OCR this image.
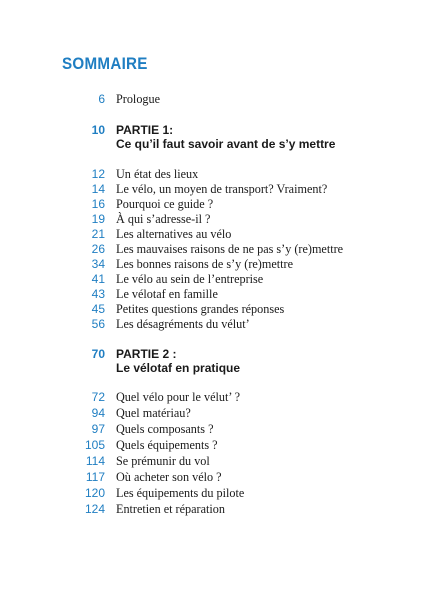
SOMMAIRE
6 Prologue
10 PARTIE 1:
Ce qu’il faut savoir avant de s’y mettre
12 Un état des lieux
14 Le vélo, un moyen de transport? Vraiment?
16 Pourquoi ce guide ?
19 À qui s’adresse-il ?
21 Les alternatives au vélo
26 Les mauvaises raisons de ne pas s’y (re)mettre
34 Les bonnes raisons de s’y (re)mettre
41 Le vélo au sein de l’entreprise
43 Le vélotaf en famille
45 Petites questions grandes réponses
56 Les désagréments du vélut’
70 PARTIE 2 :
Le vélotaf en pratique
72 Quel vélo pour le vélut’ ?
94 Quel matériau?
97 Quels composants ?
105 Quels équipements ?
114 Se prémunir du vol
117 Où acheter son vélo ?
120 Les équipements du pilote
124 Entretien et réparation
